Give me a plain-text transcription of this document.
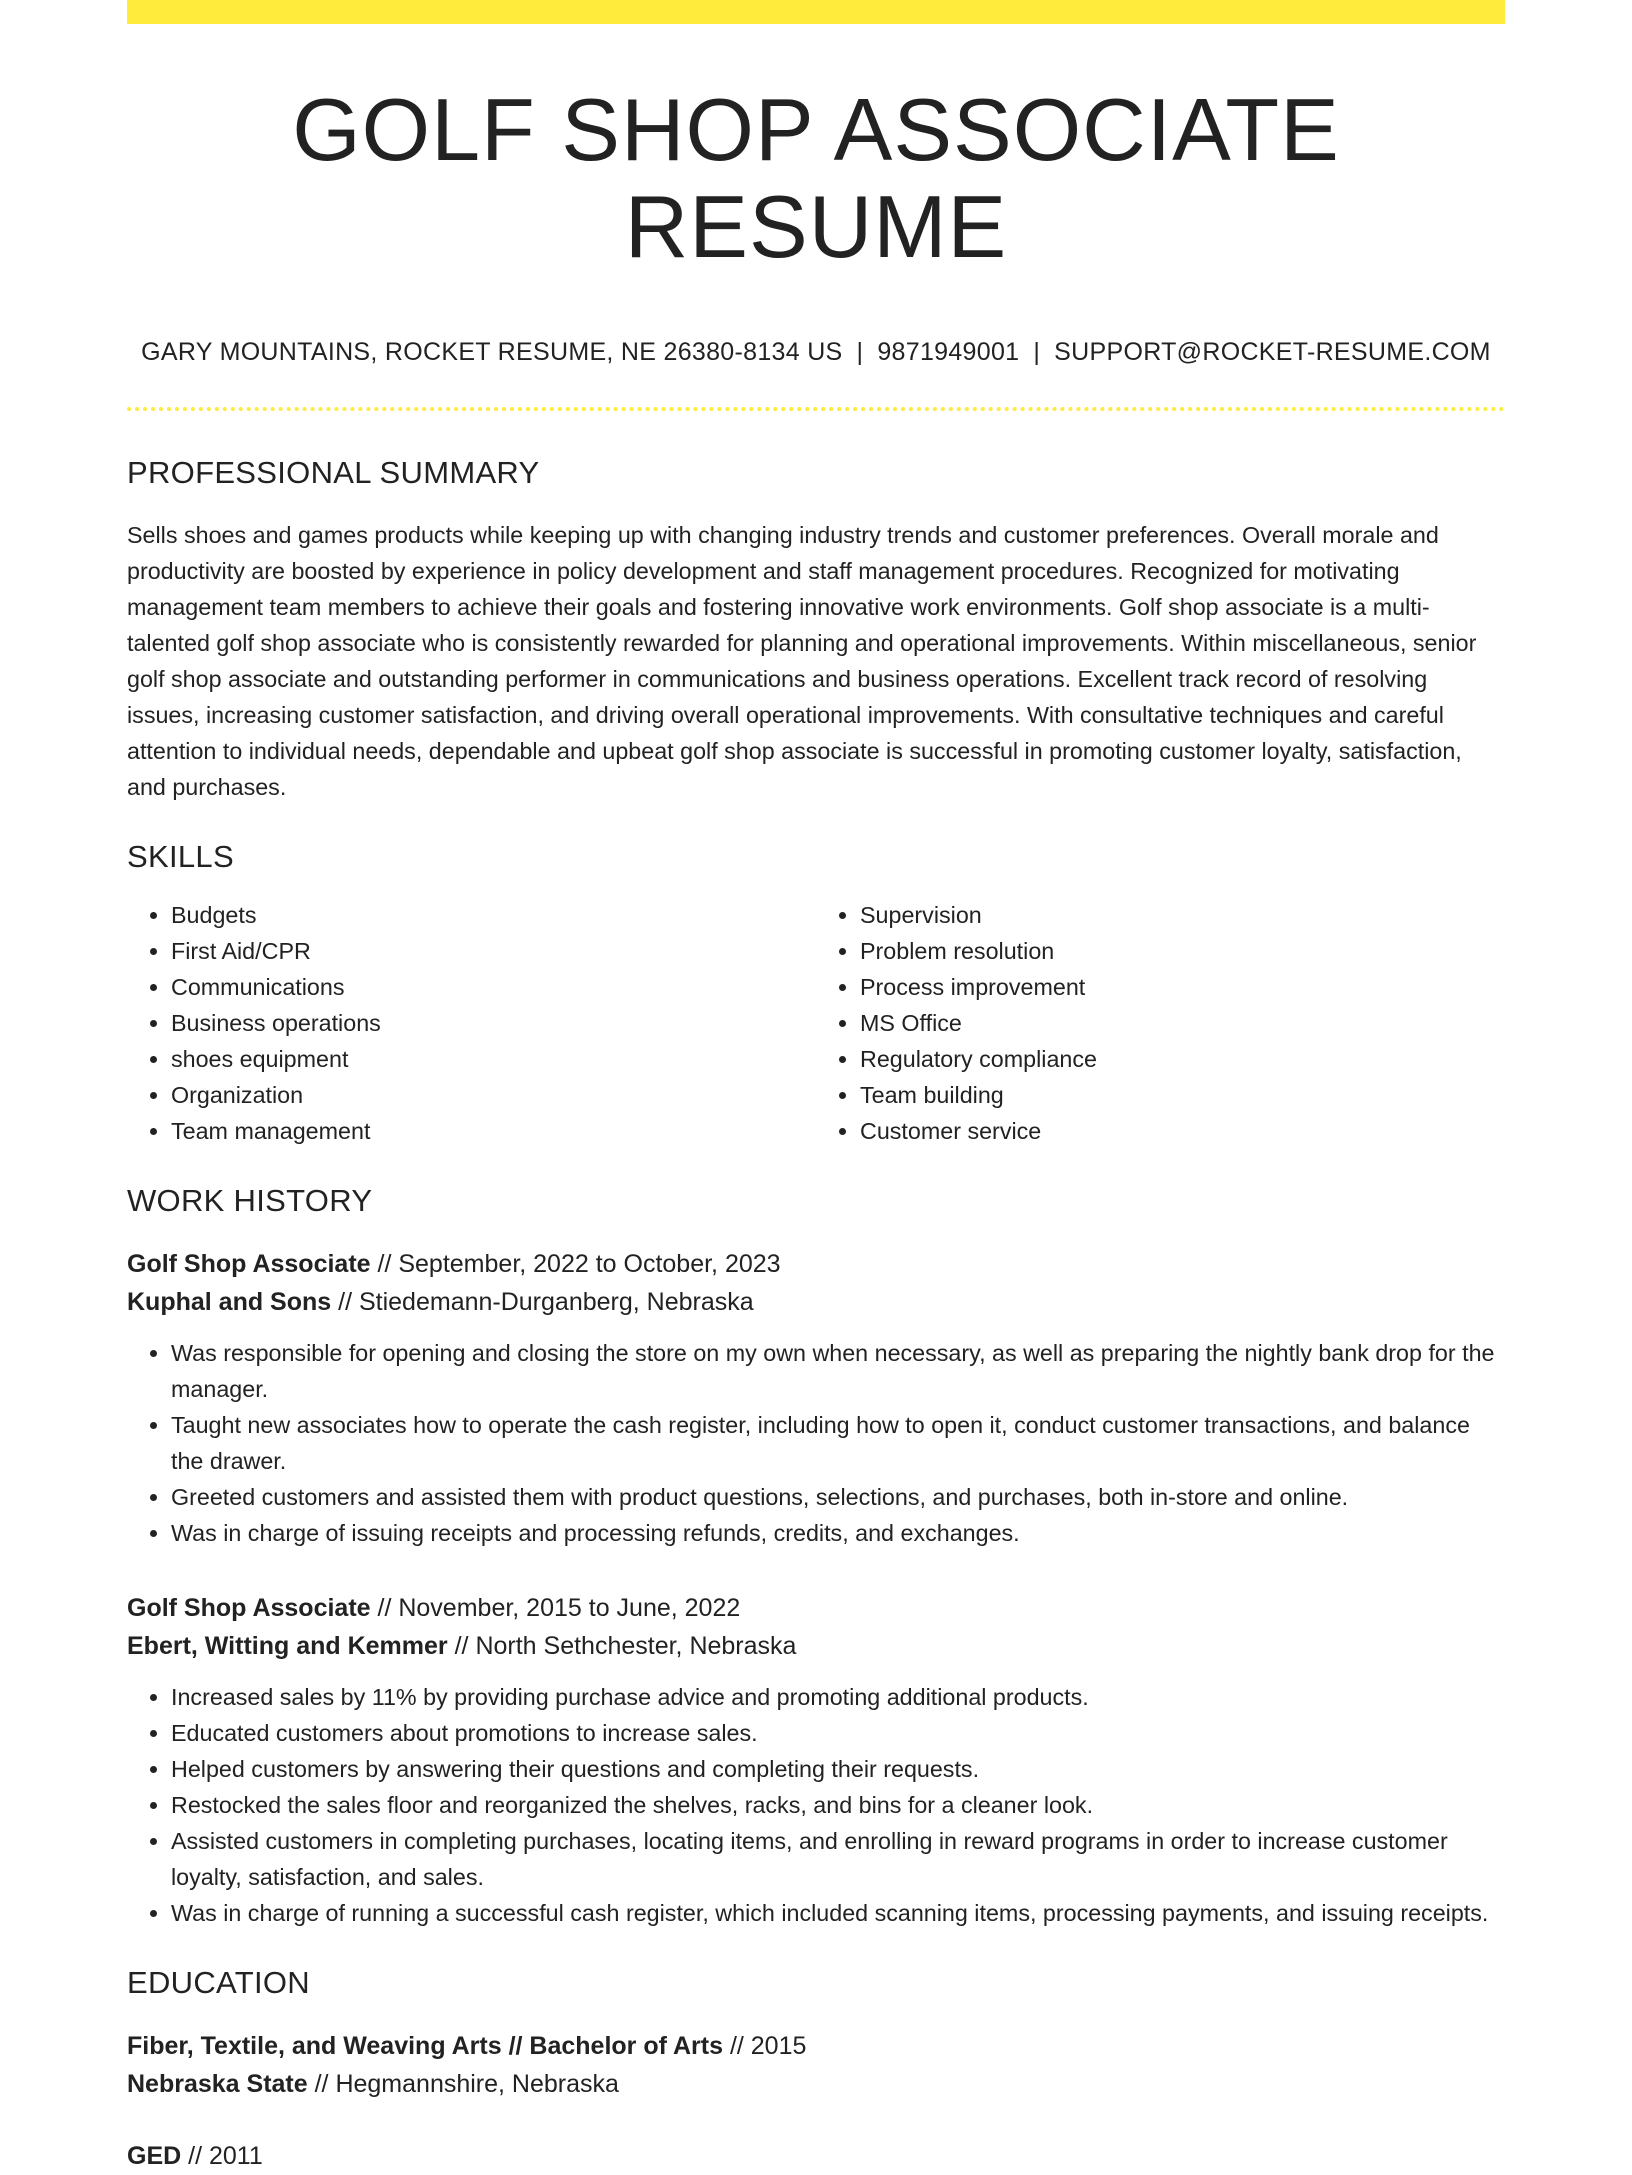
GOLF SHOP ASSOCIATE RESUME
GARY MOUNTAINS, ROCKET RESUME, NE 26380-8134 US | 9871949001 | SUPPORT@ROCKET-RESUME.COM
PROFESSIONAL SUMMARY
Sells shoes and games products while keeping up with changing industry trends and customer preferences. Overall morale and productivity are boosted by experience in policy development and staff management procedures. Recognized for motivating management team members to achieve their goals and fostering innovative work environments. Golf shop associate is a multi-talented golf shop associate who is consistently rewarded for planning and operational improvements. Within miscellaneous, senior golf shop associate and outstanding performer in communications and business operations. Excellent track record of resolving issues, increasing customer satisfaction, and driving overall operational improvements. With consultative techniques and careful attention to individual needs, dependable and upbeat golf shop associate is successful in promoting customer loyalty, satisfaction, and purchases.
SKILLS
• Budgets
• First Aid/CPR
• Communications
• Business operations
• shoes equipment
• Organization
• Team management
• Supervision
• Problem resolution
• Process improvement
• MS Office
• Regulatory compliance
• Team building
• Customer service
WORK HISTORY
Golf Shop Associate // September, 2022 to October, 2023
Kuphal and Sons // Stiedemann-Durganberg, Nebraska
• Was responsible for opening and closing the store on my own when necessary, as well as preparing the nightly bank drop for the manager.
• Taught new associates how to operate the cash register, including how to open it, conduct customer transactions, and balance the drawer.
• Greeted customers and assisted them with product questions, selections, and purchases, both in-store and online.
• Was in charge of issuing receipts and processing refunds, credits, and exchanges.
Golf Shop Associate // November, 2015 to June, 2022
Ebert, Witting and Kemmer // North Sethchester, Nebraska
• Increased sales by 11% by providing purchase advice and promoting additional products.
• Educated customers about promotions to increase sales.
• Helped customers by answering their questions and completing their requests.
• Restocked the sales floor and reorganized the shelves, racks, and bins for a cleaner look.
• Assisted customers in completing purchases, locating items, and enrolling in reward programs in order to increase customer loyalty, satisfaction, and sales.
• Was in charge of running a successful cash register, which included scanning items, processing payments, and issuing receipts.
EDUCATION
Fiber, Textile, and Weaving Arts // Bachelor of Arts // 2015
Nebraska State // Hegmannshire, Nebraska
GED // 2011
